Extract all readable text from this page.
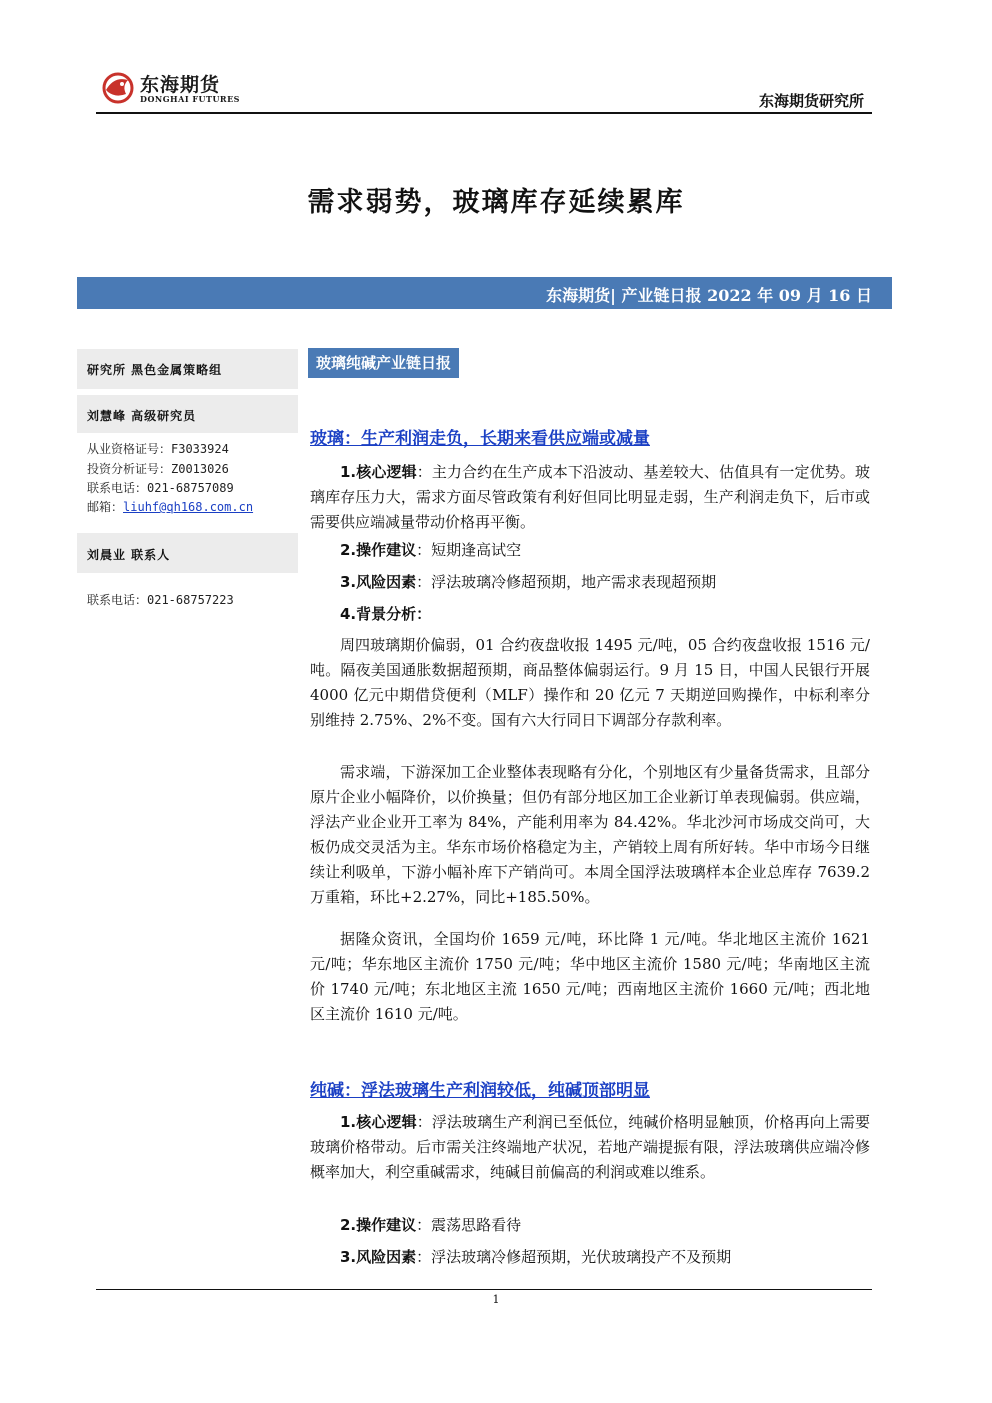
东海期货
DONGHAI FUTURES	东海期货研究所
需求弱势，玻璃库存延续累库
东海期货| 产业链日报 2022 年 09 月 16 日
研究所 黑色金属策略组
刘慧峰 高级研究员
从业资格证号：F3033924
投资分析证号：Z0013026
联系电话：021-68757089
邮箱：liuhf@qh168.com.cn
刘晨业 联系人
联系电话：021-68757223
玻璃纯碱产业链日报
玻璃：生产利润走负，长期来看供应端或减量
1.核心逻辑：主力合约在生产成本下沿波动、基差较大、估值具有一定优势。玻璃库存压力大，需求方面尽管政策有利好但同比明显走弱，生产利润走负下，后市或需要供应端减量带动价格再平衡。
2.操作建议：短期逢高试空
3.风险因素：浮法玻璃冷修超预期，地产需求表现超预期
4.背景分析：
周四玻璃期价偏弱，01 合约夜盘收报 1495 元/吨，05 合约夜盘收报 1516 元/吨。隔夜美国通胀数据超预期，商品整体偏弱运行。9 月 15 日，中国人民银行开展 4000 亿元中期借贷便利（MLF）操作和 20 亿元 7 天期逆回购操作，中标利率分别维持 2.75%、2%不变。国有六大行同日下调部分存款利率。
需求端，下游深加工企业整体表现略有分化，个别地区有少量备货需求，且部分原片企业小幅降价，以价换量；但仍有部分地区加工企业新订单表现偏弱。供应端，浮法产业企业开工率为 84%，产能利用率为 84.42%。华北沙河市场成交尚可，大板仍成交灵活为主。华东市场价格稳定为主，产销较上周有所好转。华中市场今日继续让利吸单，下游小幅补库下产销尚可。本周全国浮法玻璃样本企业总库存 7639.2 万重箱，环比+2.27%，同比+185.50%。
据隆众资讯，全国均价 1659 元/吨，环比降 1 元/吨。华北地区主流价 1621 元/吨；华东地区主流价 1750 元/吨；华中地区主流价 1580 元/吨；华南地区主流价 1740 元/吨；东北地区主流 1650 元/吨；西南地区主流价 1660 元/吨；西北地区主流价 1610 元/吨。
纯碱：浮法玻璃生产利润较低，纯碱顶部明显
1.核心逻辑：浮法玻璃生产利润已至低位，纯碱价格明显触顶，价格再向上需要玻璃价格带动。后市需关注终端地产状况，若地产端提振有限，浮法玻璃供应端冷修概率加大，利空重碱需求，纯碱目前偏高的利润或难以维系。
2.操作建议：震荡思路看待
3.风险因素：浮法玻璃冷修超预期，光伏玻璃投产不及预期
1
